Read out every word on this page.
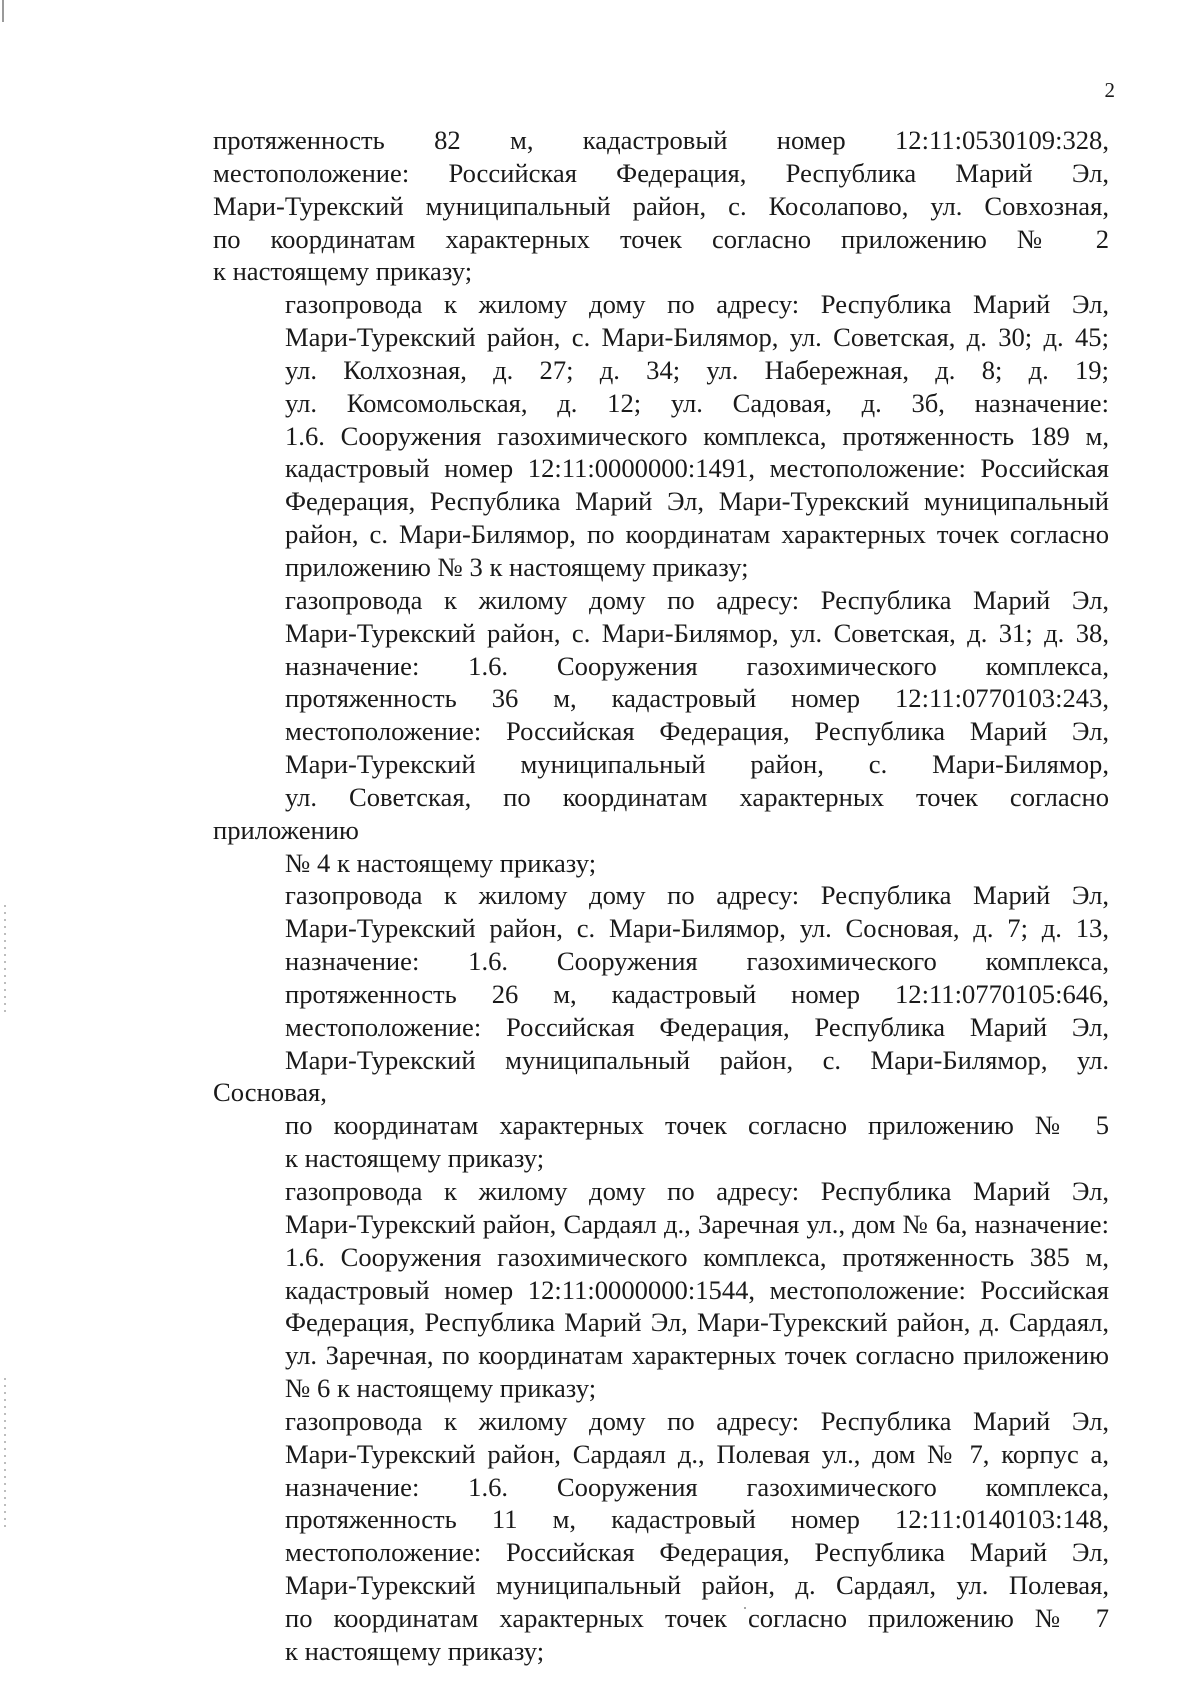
2

протяженность 82 м, кадастровый номер 12:11:0530109:328,
местоположение: Российская Федерация, Республика Марий Эл,
Мари-Турекский муниципальный район, с. Косолапово, ул. Совхозная,
по координатам характерных точек согласно приложению № 2
к настоящему приказу;

газопровода к жилому дому по адресу: Республика Марий Эл,
Мари-Турекский район, с. Мари-Билямор, ул. Советская, д. 30; д. 45;
ул. Колхозная, д. 27; д. 34; ул. Набережная, д. 8; д. 19;
ул. Комсомольская, д. 12; ул. Садовая, д. 3б, назначение:
1.6. Сооружения газохимического комплекса, протяженность 189 м,
кадастровый номер 12:11:0000000:1491, местоположение: Российская
Федерация, Республика Марий Эл, Мари-Турекский муниципальный
район, с. Мари-Билямор, по координатам характерных точек согласно
приложению № 3 к настоящему приказу;

газопровода к жилому дому по адресу: Республика Марий Эл,
Мари-Турекский район, с. Мари-Билямор, ул. Советская, д. 31; д. 38,
назначение: 1.6. Сооружения газохимического комплекса,
протяженность 36 м, кадастровый номер 12:11:0770103:243,
местоположение: Российская Федерация, Республика Марий Эл,
Мари-Турекский муниципальный район, с. Мари-Билямор,
ул. Советская, по координатам характерных точек согласно приложению
№ 4 к настоящему приказу;

газопровода к жилому дому по адресу: Республика Марий Эл,
Мари-Турекский район, с. Мари-Билямор, ул. Сосновая, д. 7; д. 13,
назначение: 1.6. Сооружения газохимического комплекса,
протяженность 26 м, кадастровый номер 12:11:0770105:646,
местоположение: Российская Федерация, Республика Марий Эл,
Мари-Турекский муниципальный район, с. Мари-Билямор, ул. Сосновая,
по координатам характерных точек согласно приложению № 5
к настоящему приказу;

газопровода к жилому дому по адресу: Республика Марий Эл,
Мари-Турекский район, Сардаял д., Заречная ул., дом № 6а, назначение:
1.6. Сооружения газохимического комплекса, протяженность 385 м,
кадастровый номер 12:11:0000000:1544, местоположение: Российская
Федерация, Республика Марий Эл, Мари-Турекский район, д. Сардаял,
ул. Заречная, по координатам характерных точек согласно приложению
№ 6 к настоящему приказу;

газопровода к жилому дому по адресу: Республика Марий Эл,
Мари-Турекский район, Сардаял д., Полевая ул., дом № 7, корпус а,
назначение: 1.6. Сооружения газохимического комплекса,
протяженность 11 м, кадастровый номер 12:11:0140103:148,
местоположение: Российская Федерация, Республика Марий Эл,
Мари-Турекский муниципальный район, д. Сардаял, ул. Полевая,
по координатам характерных точек согласно приложению № 7
к настоящему приказу;
